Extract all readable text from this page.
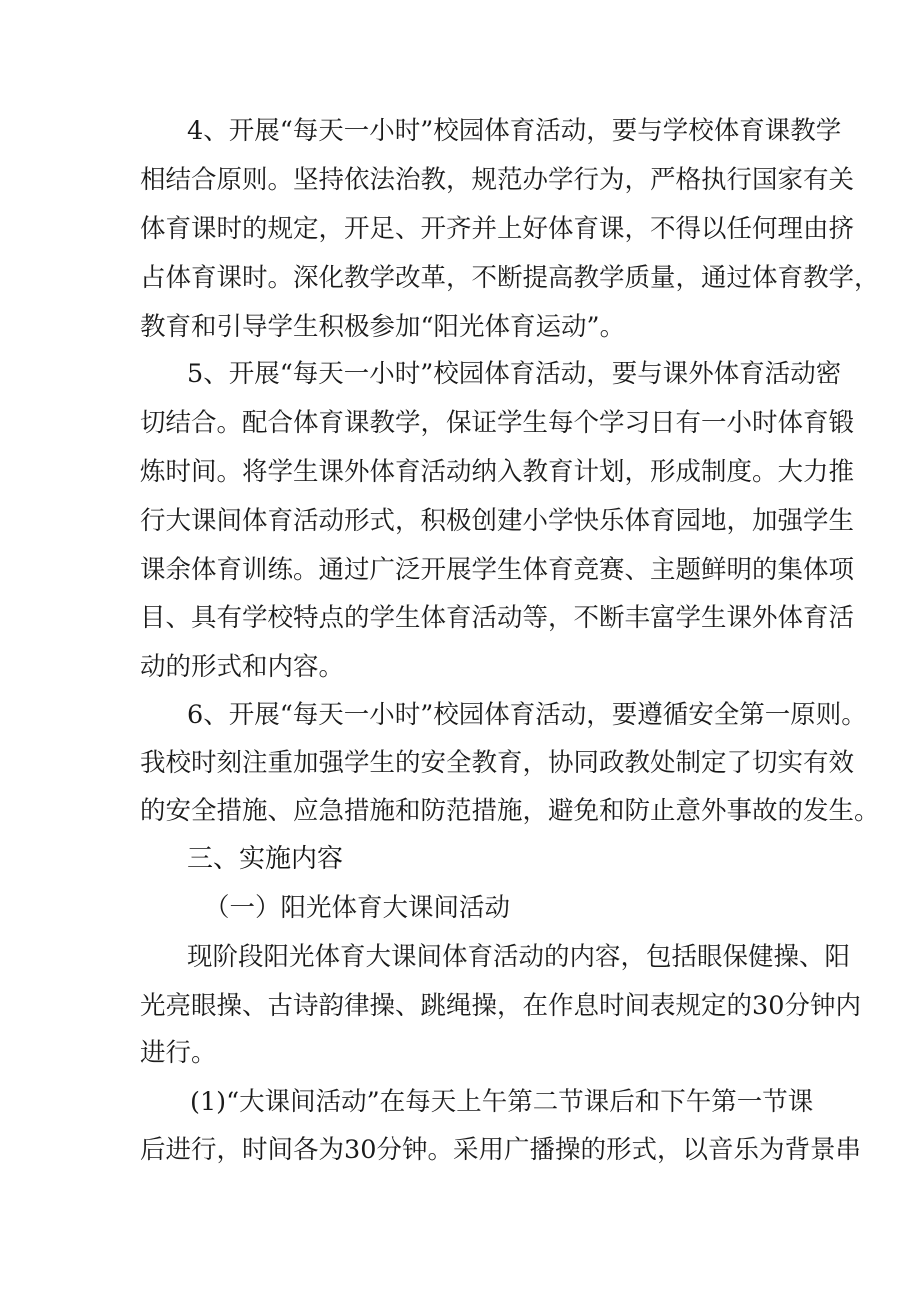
4、开展“每天一小时”校园体育活动，要与学校体育课教学

相结合原则。坚持依法治教，规范办学行为，严格执行国家有关

体育课时的规定，开足、开齐并上好体育课，不得以任何理由挤

占体育课时。深化教学改革，不断提高教学质量，通过体育教学，

教育和引导学生积极参加“阳光体育运动”。

5、开展“每天一小时”校园体育活动，要与课外体育活动密

切结合。配合体育课教学，保证学生每个学习日有一小时体育锻

炼时间。将学生课外体育活动纳入教育计划，形成制度。大力推

行大课间体育活动形式，积极创建小学快乐体育园地，加强学生

课余体育训练。通过广泛开展学生体育竞赛、主题鲜明的集体项

目、具有学校特点的学生体育活动等，不断丰富学生课外体育活

动的形式和内容。

6、开展“每天一小时”校园体育活动，要遵循安全第一原则。

我校时刻注重加强学生的安全教育，协同政教处制定了切实有效

的安全措施、应急措施和防范措施，避免和防止意外事故的发生。

三、实施内容

（一）阳光体育大课间活动

现阶段阳光体育大课间体育活动的内容，包括眼保健操、阳

光亮眼操、古诗韵律操、跳绳操，在作息时间表规定的30分钟内

进行。

(1)“大课间活动”在每天上午第二节课后和下午第一节课

后进行，时间各为30分钟。采用广播操的形式，以音乐为背景串
